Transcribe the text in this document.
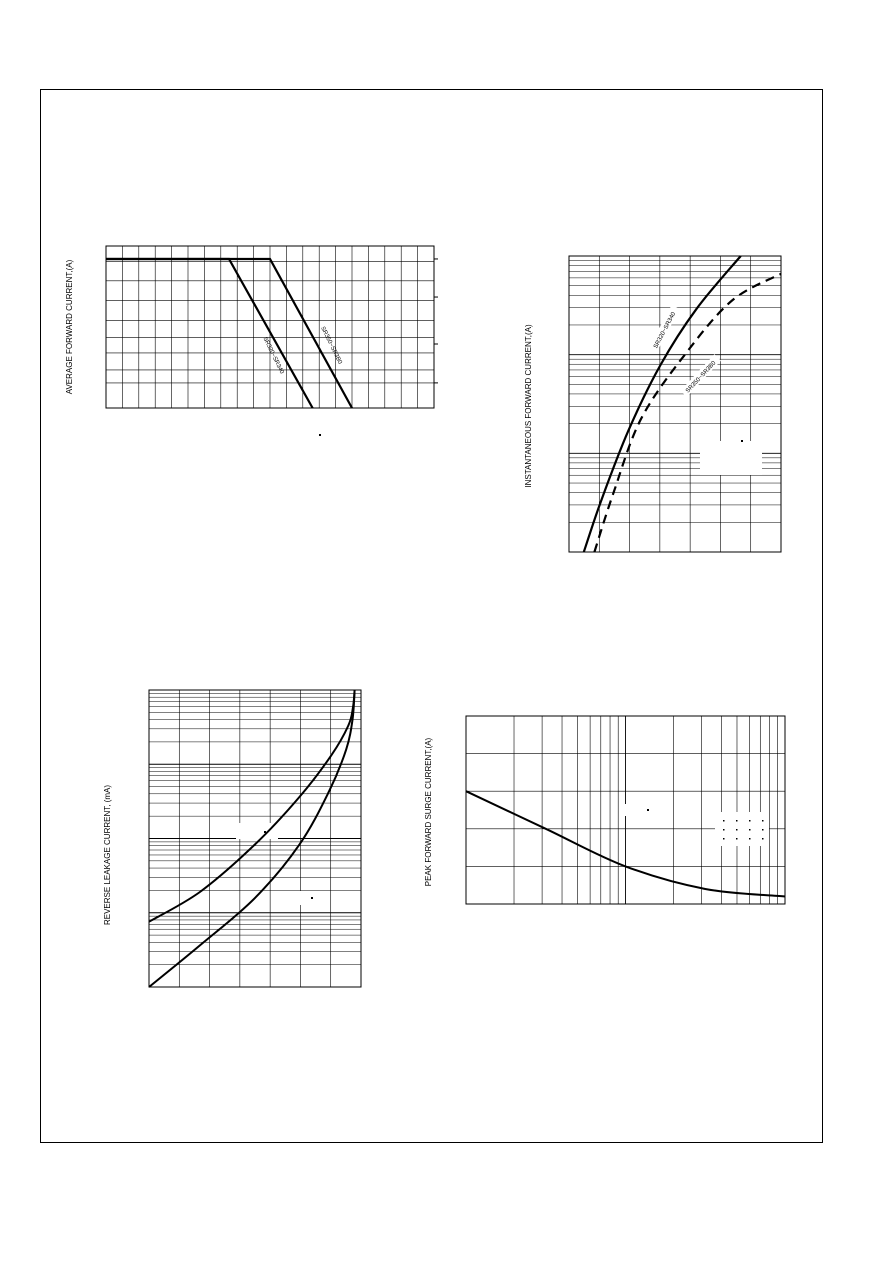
AVERAGE FORWARD CURRENT,(A)	SR320~SR340	SR350~SR3B0	INSTANTANEOUS FORWARD CURRENT,(A)	SR320~SR340
SR350~SR3B0
REVERSE LEAKAGE CURRENT, (mA)	PEAK FORWARD SURGE CURRENT,(A)
